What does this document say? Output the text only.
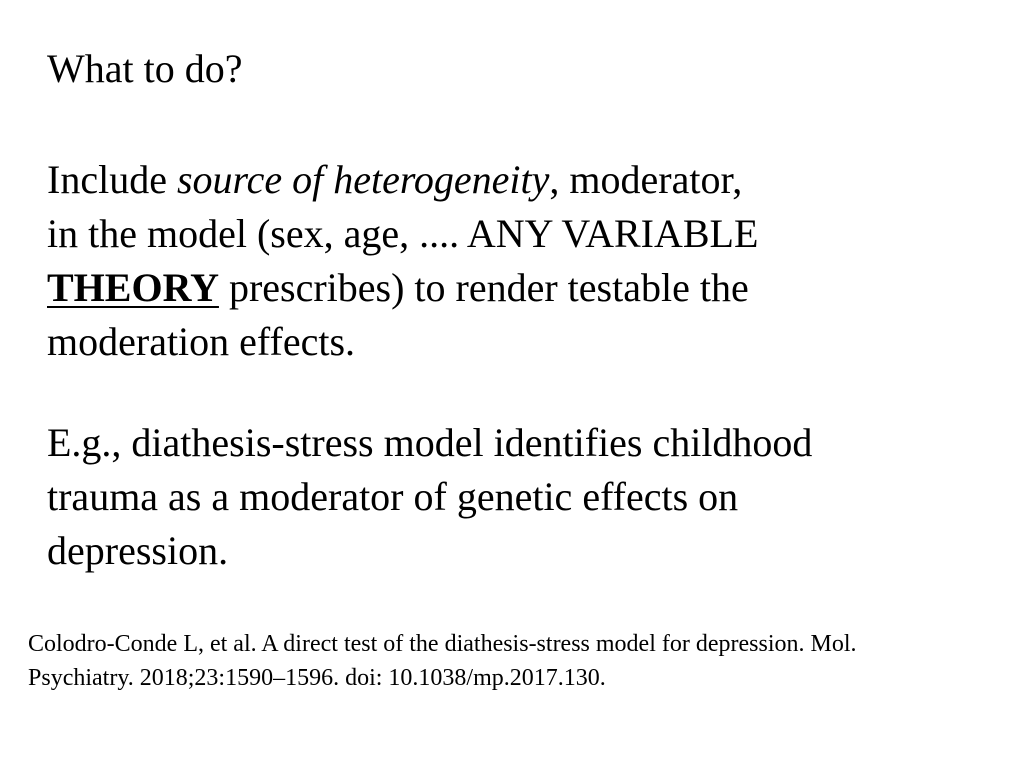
What to do?

Include source of heterogeneity, moderator,
in the model (sex, age, .... ANY VARIABLE
THEORY prescribes) to render testable the
moderation effects.

E.g., diathesis-stress model identifies childhood
trauma as a moderator of genetic effects on
depression.

Colodro-Conde L, et al. A direct test of the diathesis-stress model for depression. Mol.
Psychiatry. 2018;23:1590–1596. doi: 10.1038/mp.2017.130.
